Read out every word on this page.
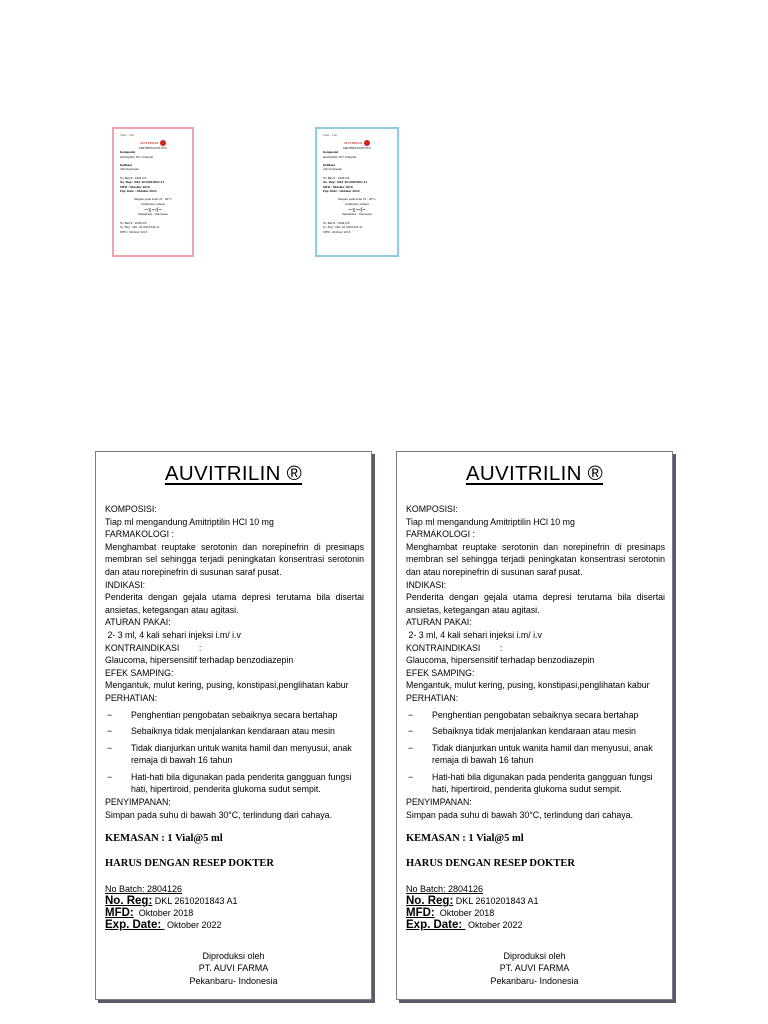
Vials - Vial
AUVITRILIN
AMITRIPTILINE HCL
Komposisi
amitriptilin HCl 10mg/ml
Indikasi
Anti Depresan
No Batch : 2804126
No. Reg : DKL 2610201843 A1
MFD : Oktober 2018
Exp. Date : Oktober 2022
Simpan pada suhu 25 - 30°C,
terlindung cahaya
~ɣ~ᶑ~
Pekanbaru - Indonesia
No Batch : 2804126
No Reg : DKL 2610201843 A1
MFD : Oktober 2018
Vials - Vial
AUVITRILIN
AMITRIPTILINE HCL
Komposisi
amitriptilin HCl 10mg/ml
Indikasi
Anti Depresan
No Batch : 2804126
No. Reg : DKL 2610201843 A1
MFD : Oktober 2018
Exp. Date : Oktober 2022
Simpan pada suhu 25 - 30°C,
terlindung cahaya
~ɣ~ᶑ~
Pekanbaru - Indonesia
No Batch : 2804126
No Reg : DKL 2610201843 A1
MFD : Oktober 2018
AUVITRILIN ®
KOMPOSISI:
Tiap ml mengandung Amitriptilin HCl 10 mg
FARMAKOLOGI :
Menghambat reuptake serotonin dan norepinefrin di presinaps membran sel sehingga terjadi peningkatan konsentrasi serotonin dan atau norepinefrin di susunan saraf pusat.
INDIKASI:
Penderita dengan gejala utama depresi terutama bila disertai ansietas, ketegangan atau agitasi.
ATURAN PAKAI:
2- 3 ml, 4 kali sehari injeksi i.m/ i.v
KONTRAINDIKASI        :
Glaucoma, hipersensitif terhadap benzodiazepin
EFEK SAMPING:
Mengantuk, mulut kering, pusing, konstipasi,penglihatan kabur
PERHATIAN:
− Penghentian pengobatan sebaiknya secara bertahap
− Sebaiknya tidak menjalankan kendaraan atau mesin
− Tidak dianjurkan untuk wanita hamil dan menyusui, anak remaja di bawah 16 tahun
− Hati-hati bila digunakan pada penderita gangguan fungsi hati, hipertiroid, penderita glukoma sudut sempit.
PENYIMPANAN:
Simpan pada suhu di bawah 30°C, terlindung dari cahaya.
KEMASAN : 1 Vial@5 ml
HARUS DENGAN RESEP DOKTER
No Batch: 2804126
No. Reg: DKL 2610201843 A1
MFD:  Oktober 2018
Exp. Date:  Oktober 2022
Diproduksi oleh
PT. AUVI FARMA
Pekanbaru- Indonesia
AUVITRILIN ®
KOMPOSISI:
Tiap ml mengandung Amitriptilin HCl 10 mg
FARMAKOLOGI :
Menghambat reuptake serotonin dan norepinefrin di presinaps membran sel sehingga terjadi peningkatan konsentrasi serotonin dan atau norepinefrin di susunan saraf pusat.
INDIKASI:
Penderita dengan gejala utama depresi terutama bila disertai ansietas, ketegangan atau agitasi.
ATURAN PAKAI:
2- 3 ml, 4 kali sehari injeksi i.m/ i.v
KONTRAINDIKASI        :
Glaucoma, hipersensitif terhadap benzodiazepin
EFEK SAMPING:
Mengantuk, mulut kering, pusing, konstipasi,penglihatan kabur
PERHATIAN:
− Penghentian pengobatan sebaiknya secara bertahap
− Sebaiknya tidak menjalankan kendaraan atau mesin
− Tidak dianjurkan untuk wanita hamil dan menyusui, anak remaja di bawah 16 tahun
− Hati-hati bila digunakan pada penderita gangguan fungsi hati, hipertiroid, penderita glukoma sudut sempit.
PENYIMPANAN:
Simpan pada suhu di bawah 30°C, terlindung dari cahaya.
KEMASAN : 1 Vial@5 ml
HARUS DENGAN RESEP DOKTER
No Batch: 2804126
No. Reg: DKL 2610201843 A1
MFD:  Oktober 2018
Exp. Date:  Oktober 2022
Diproduksi oleh
PT. AUVI FARMA
Pekanbaru- Indonesia
